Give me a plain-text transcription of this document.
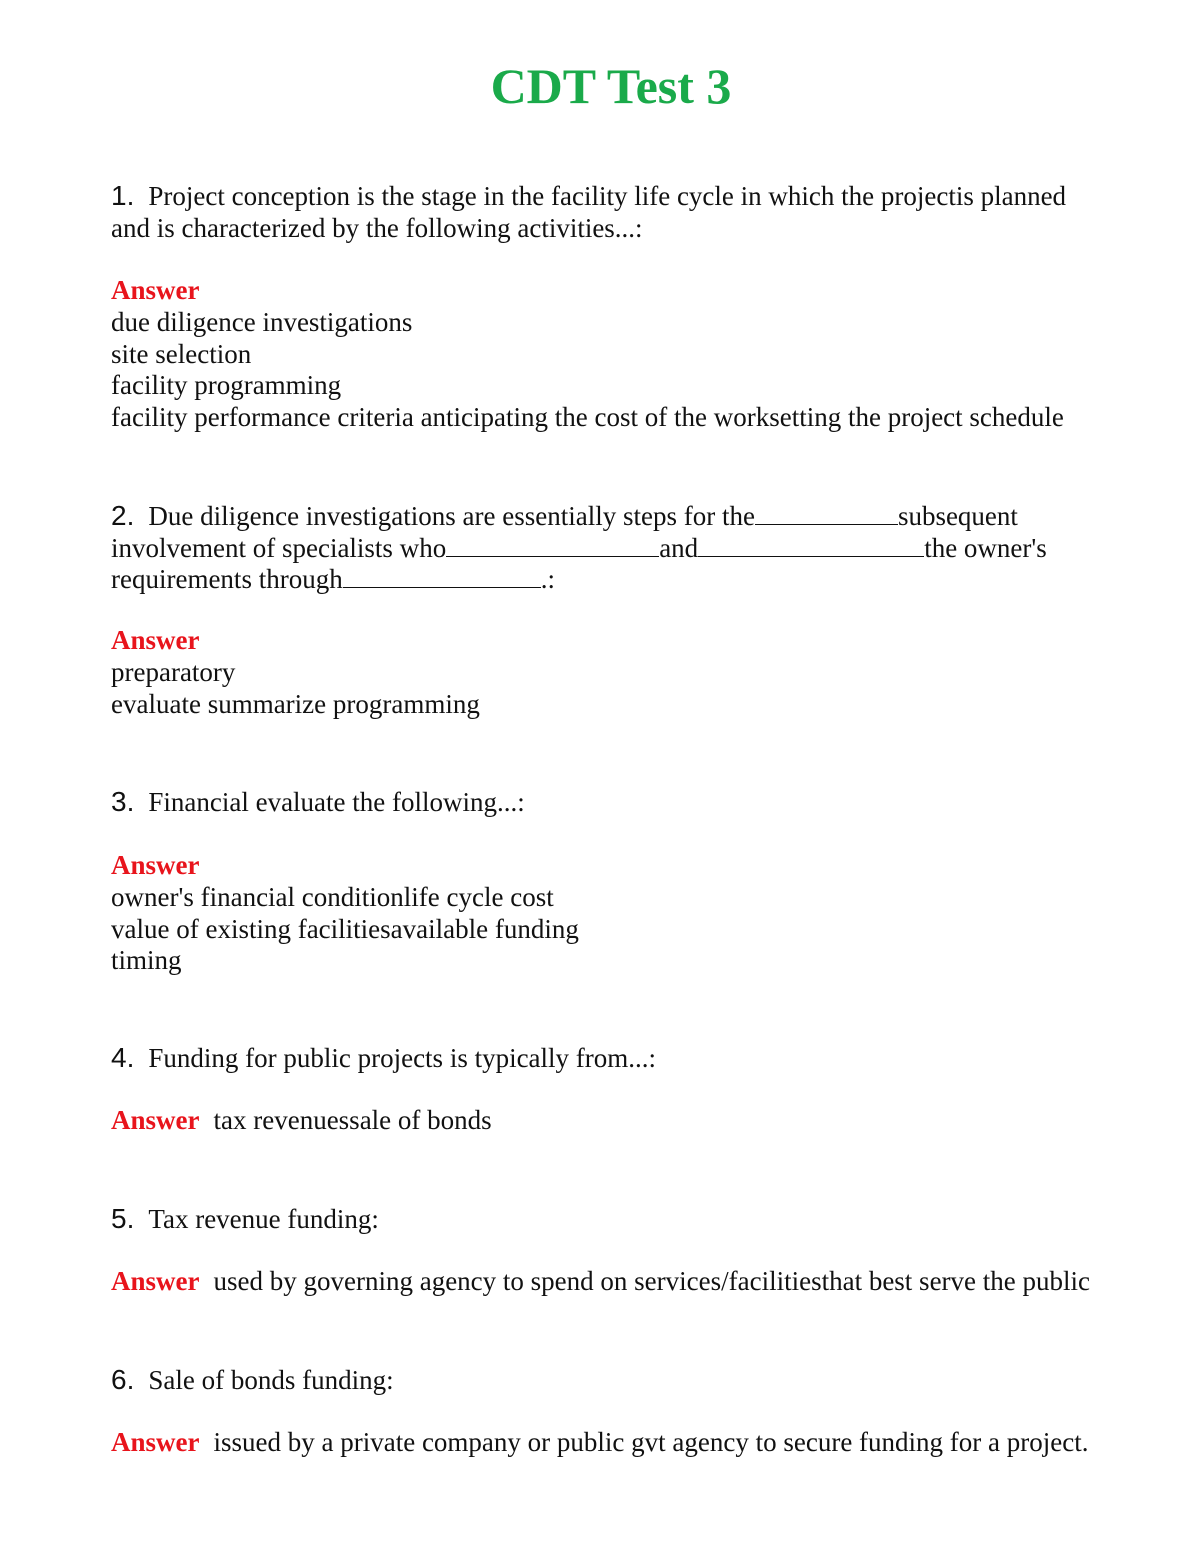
CDT Test 3
1. Project conception is the stage in the facility life cycle in which the projectis planned
and is characterized by the following activities...:
Answer
due diligence investigations
site selection
facility programming
facility performance criteria anticipating the cost of the worksetting the project schedule
2. Due diligence investigations are essentially steps for the	subsequent
involvement of specialists who	and	the owner's
requirements through	.:
Answer
preparatory
evaluate summarize programming
3. Financial evaluate the following...:
Answer
owner's financial conditionlife cycle cost
value of existing facilitiesavailable funding
timing
4. Funding for public projects is typically from...:
Answer tax revenuessale of bonds
5. Tax revenue funding:
Answer used by governing agency to spend on services/facilitiesthat best serve the public
6. Sale of bonds funding:
Answer issued by a private company or public gvt agency to secure funding for a project.
